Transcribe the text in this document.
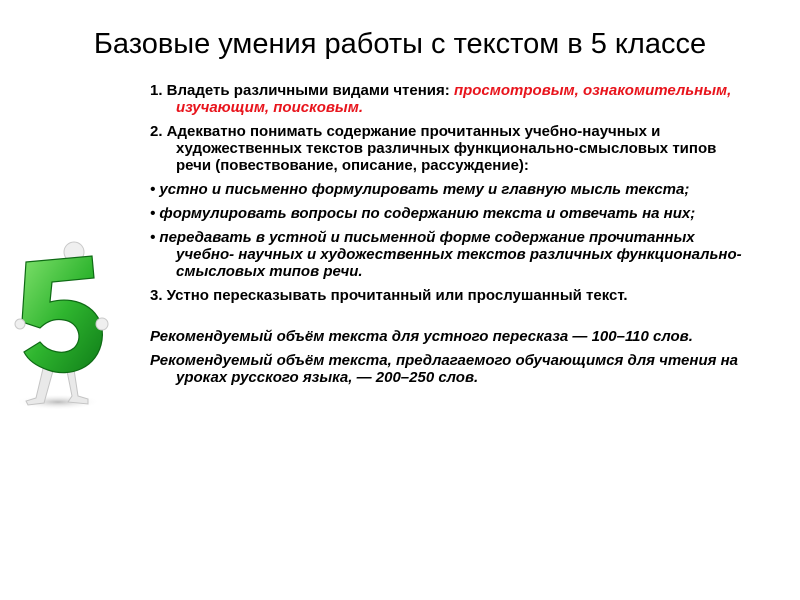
Базовые умения работы с текстом в 5 классе

1. Владеть различными видами чтения: просмотровым, ознакомительным, изучающим, поисковым.

2. Адекватно понимать содержание прочитанных учебно-научных и художественных текстов различных функционально-смысловых типов речи (повествование, описание, рассуждение):

• устно и письменно формулировать тему и главную мысль текста;

• формулировать вопросы по содержанию текста и отвечать на них;

• передавать в устной и письменной форме содержание прочитанных учебно- научных и художественных текстов различных функционально-смысловых типов речи.

3. Устно пересказывать прочитанный или прослушанный текст.

Рекомендуемый объём текста для устного пересказа — 100–110 слов.

Рекомендуемый объём текста, предлагаемого обучающимся для чтения на уроках русского языка, — 200–250 слов.
